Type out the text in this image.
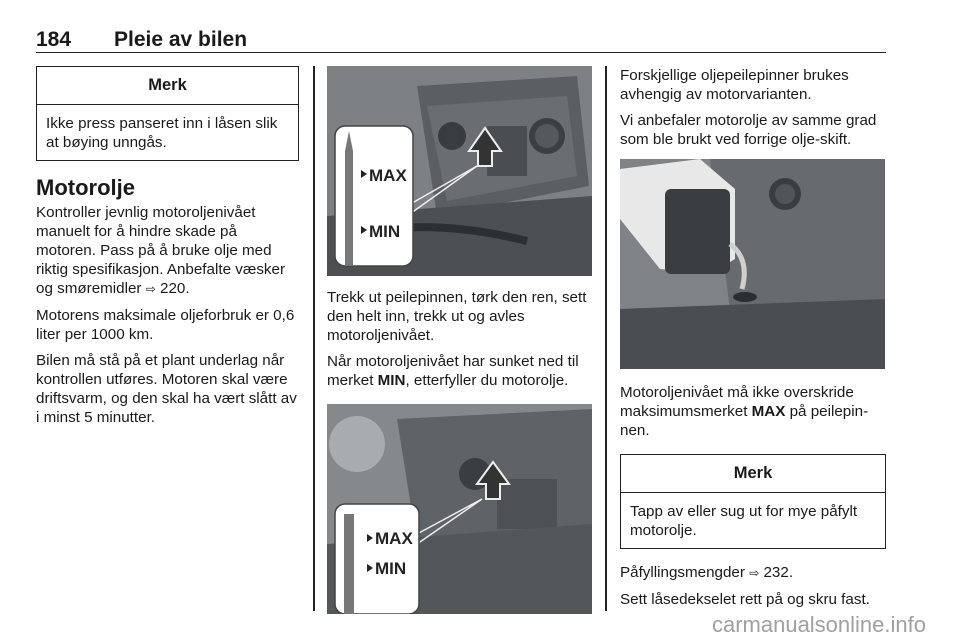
184 Pleie av bilen
Merk
Ikke press panseret inn i låsen slik at bøying unngås.
Motorolje

Kontroller jevnlig motoroljenivået manuelt for å hindre skade på motoren. Pass på å bruke olje med riktig spesifikasjon. Anbefalte væsker og smøremidler ⇨ 220.

Motorens maksimale oljeforbruk er 0,6 liter per 1000 km.

Bilen må stå på et plant underlag når kontrollen utføres. Motoren skal være driftsvarm, og den skal ha vært slått av i minst 5 minutter.

MAX
MIN

Trekk ut peilepinnen, tørk den ren, sett den helt inn, trekk ut og avles motoroljenivået.

Når motoroljenivået har sunket ned til merket MIN, etterfyller du motorolje.

MAX
MIN

Forskjellige oljepeilepinner brukes avhengig av motorvarianten.

Vi anbefaler motorolje av samme grad som ble brukt ved forrige olje-skift.

Motoroljenivået må ikke overskride maksimumsmerket MAX på peilepin-nen.

Merk
Tapp av eller sug ut for mye påfylt motorolje.

Påfyllingsmengder ⇨ 232.

Sett låsedekselet rett på og skru fast.

carmanualsonline.info
